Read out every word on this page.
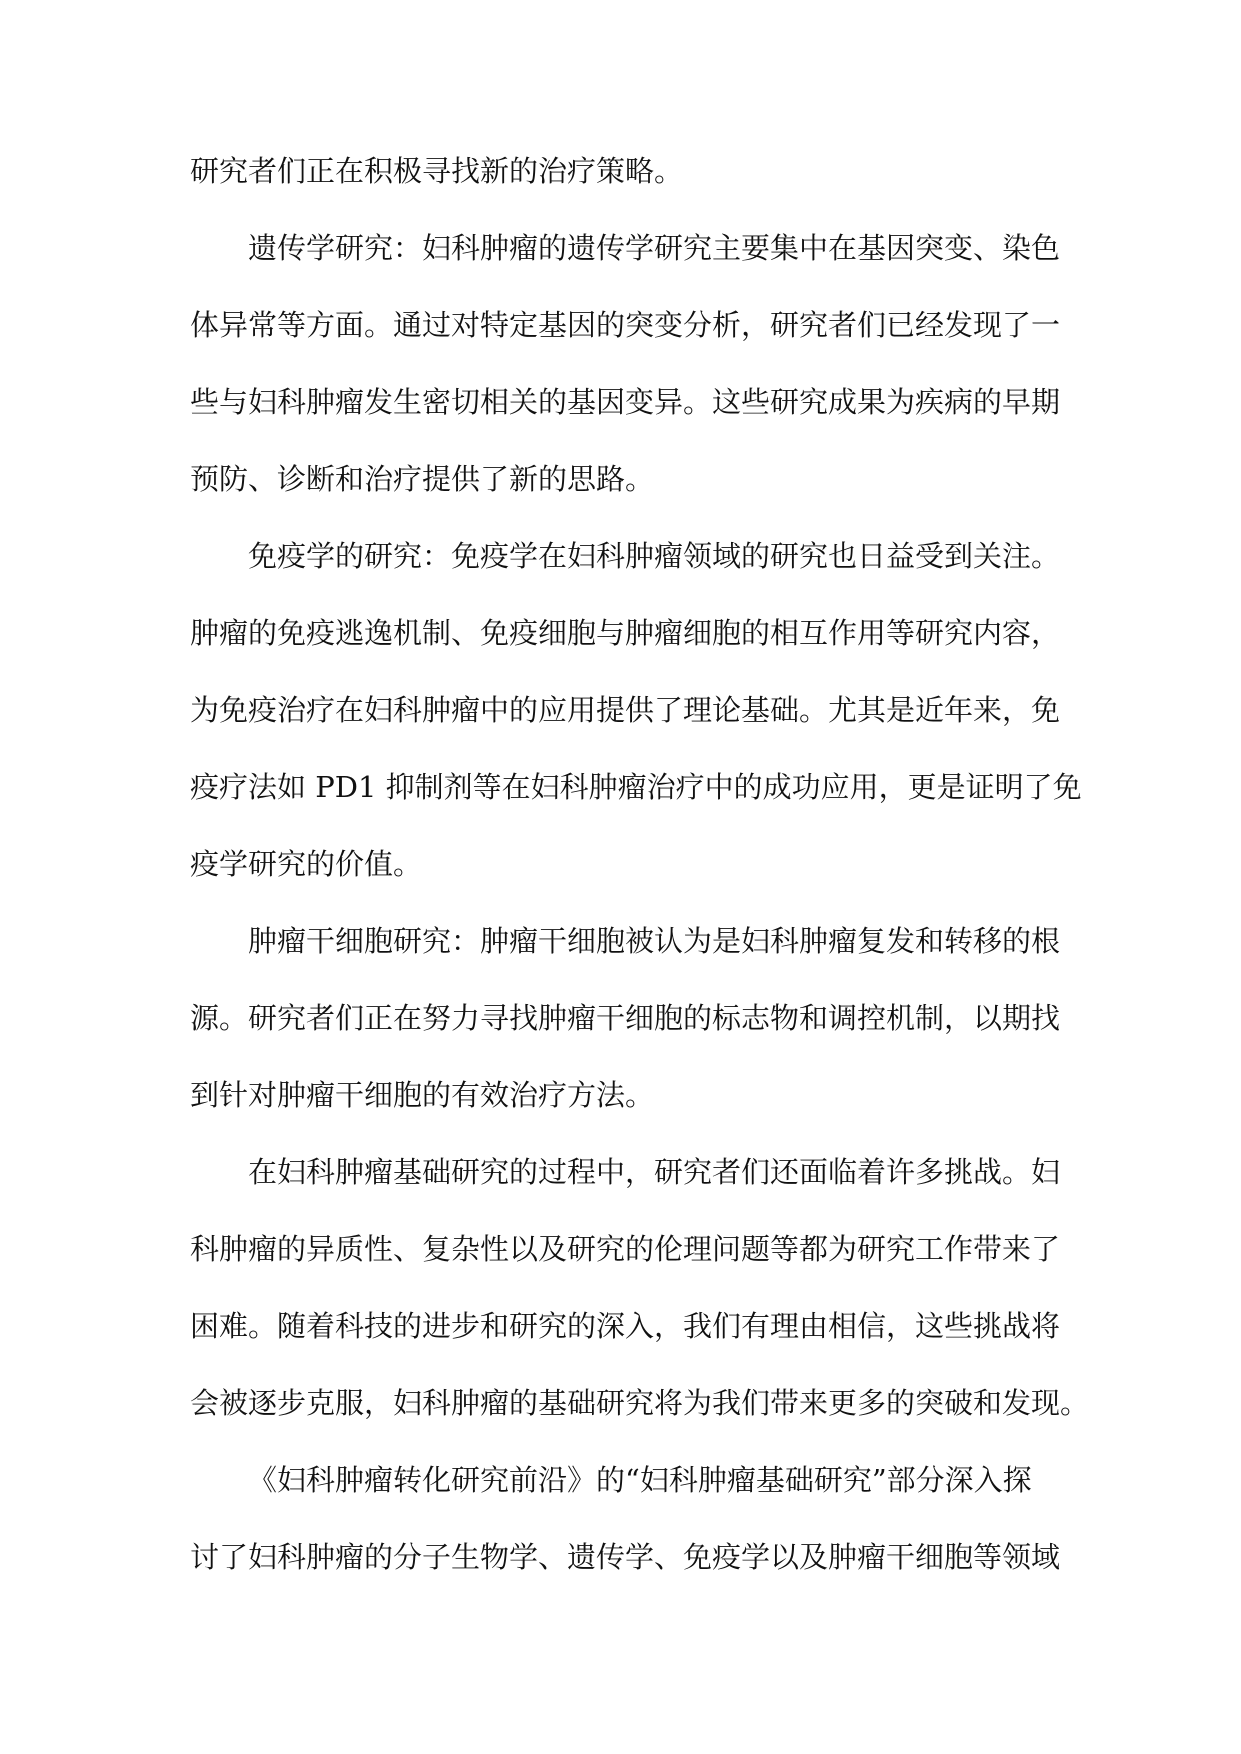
研究者们正在积极寻找新的治疗策略。
遗传学研究：妇科肿瘤的遗传学研究主要集中在基因突变、染色
体异常等方面。通过对特定基因的突变分析，研究者们已经发现了一
些与妇科肿瘤发生密切相关的基因变异。这些研究成果为疾病的早期
预防、诊断和治疗提供了新的思路。
免疫学的研究：免疫学在妇科肿瘤领域的研究也日益受到关注。
肿瘤的免疫逃逸机制、免疫细胞与肿瘤细胞的相互作用等研究内容，
为免疫治疗在妇科肿瘤中的应用提供了理论基础。尤其是近年来，免
疫疗法如 PD1 抑制剂等在妇科肿瘤治疗中的成功应用，更是证明了免
疫学研究的价值。
肿瘤干细胞研究：肿瘤干细胞被认为是妇科肿瘤复发和转移的根
源。研究者们正在努力寻找肿瘤干细胞的标志物和调控机制，以期找
到针对肿瘤干细胞的有效治疗方法。
在妇科肿瘤基础研究的过程中，研究者们还面临着许多挑战。妇
科肿瘤的异质性、复杂性以及研究的伦理问题等都为研究工作带来了
困难。随着科技的进步和研究的深入，我们有理由相信，这些挑战将
会被逐步克服，妇科肿瘤的基础研究将为我们带来更多的突破和发现。
《妇科肿瘤转化研究前沿》的“妇科肿瘤基础研究”部分深入探
讨了妇科肿瘤的分子生物学、遗传学、免疫学以及肿瘤干细胞等领域
